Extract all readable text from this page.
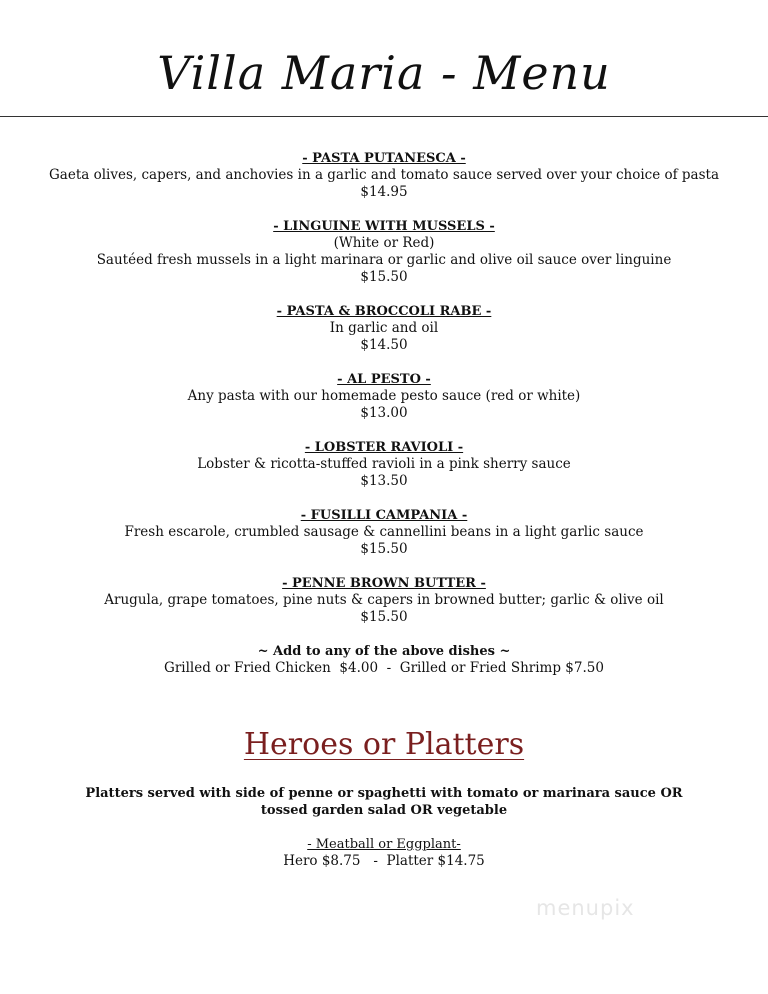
Villa Maria - Menu
- PASTA PUTANESCA -
Gaeta olives, capers, and anchovies in a garlic and tomato sauce served over your choice of pasta
$14.95
- LINGUINE WITH MUSSELS -
(White or Red)
Sautéed fresh mussels in a light marinara or garlic and olive oil sauce over linguine
$15.50
- PASTA & BROCCOLI RABE -
In garlic and oil
$14.50
- AL PESTO -
Any pasta with our homemade pesto sauce (red or white)
$13.00
- LOBSTER RAVIOLI -
Lobster & ricotta-stuffed ravioli in a pink sherry sauce
$13.50
- FUSILLI CAMPANIA -
Fresh escarole, crumbled sausage & cannellini beans in a light garlic sauce
$15.50
- PENNE BROWN BUTTER -
Arugula, grape tomatoes, pine nuts & capers in browned butter; garlic & olive oil
$15.50
~ Add to any of the above dishes ~
Grilled or Fried Chicken  $4.00  -  Grilled or Fried Shrimp $7.50
Heroes or Platters
Platters served with side of penne or spaghetti with tomato or marinara sauce OR tossed garden salad OR vegetable
- Meatball or Eggplant-
Hero $8.75   -  Platter $14.75
menupix
